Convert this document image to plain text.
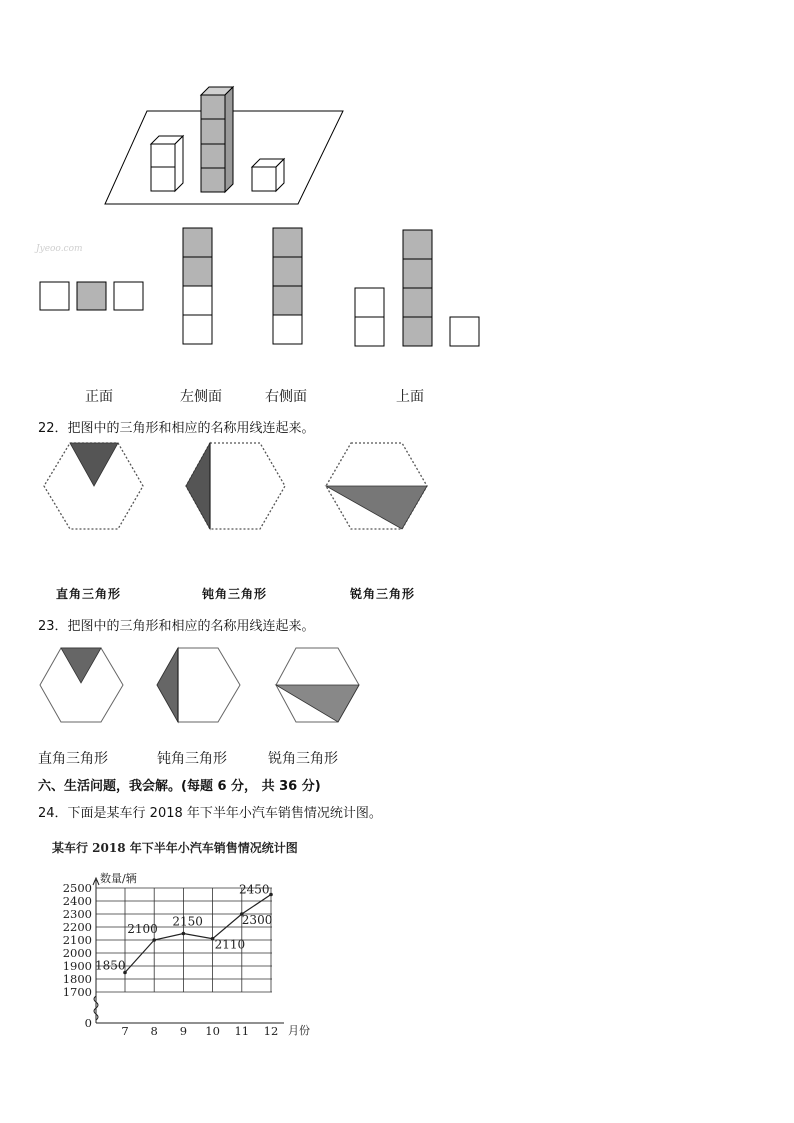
Jyeoo.com
正面	左侧面	右侧面	上面
22．把图中的三角形和相应的名称用线连起来。
直角三角形	钝角三角形	锐角三角形
23．把图中的三角形和相应的名称用线连起来。
直角三角形	钝角三角形	锐角三角形
六、生活问题，我会解。(每题 6 分， 共 36 分)
24．下面是某车行 2018 年下半年小汽车销售情况统计图。
某车行 2018 年下半年小汽车销售情况统计图
0
1700
1800
1900
2000
2100
2200
2300
2400
2500
7 8 9 10 11 12
1850
2100
2150
2110
2300
2450
数量/辆
月份
